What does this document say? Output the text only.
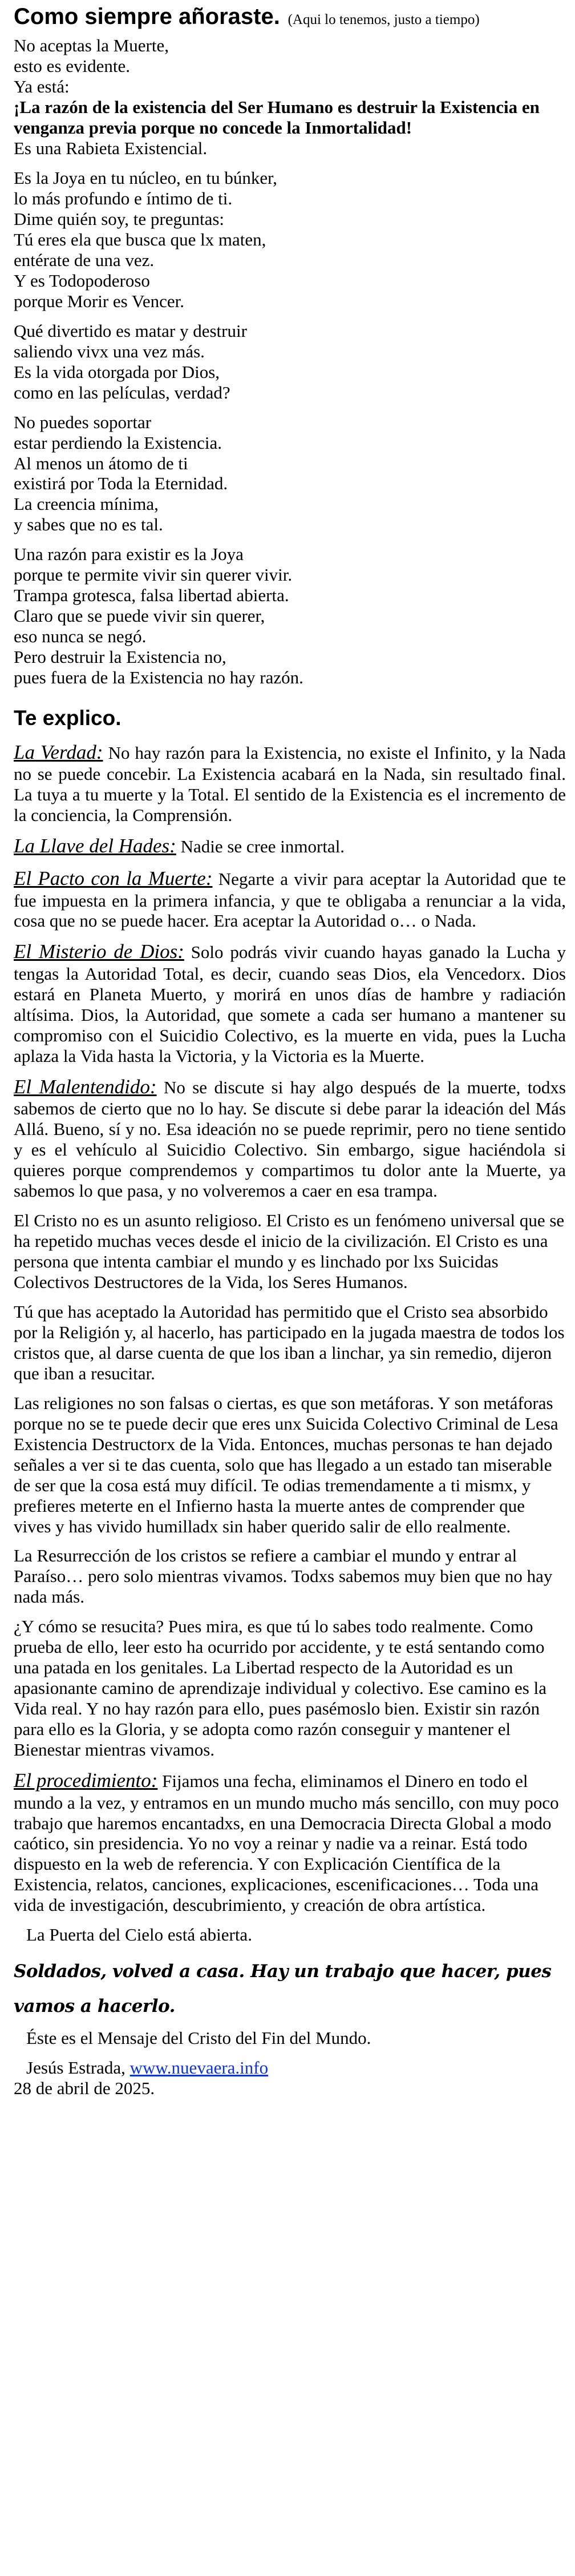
Como siempre añoraste. (Aqui lo tenemos, justo a tiempo)

No aceptas la Muerte,

esto es evidente.

Ya está:

¡La razón de la existencia del Ser Humano es destruir la Existencia en venganza previa porque no concede la Inmortalidad!

Es una Rabieta Existencial.

Es la Joya en tu núcleo, en tu búnker,

lo más profundo e íntimo de ti.

Dime quién soy, te preguntas:

Tú eres ela que busca que lx maten,

entérate de una vez.

Y es Todopoderoso

porque Morir es Vencer.

Qué divertido es matar y destruir

saliendo vivx una vez más.

Es la vida otorgada por Dios,

como en las películas, verdad?

No puedes soportar

estar perdiendo la Existencia.

Al menos un átomo de ti

existirá por Toda la Eternidad.

La creencia mínima,

y sabes que no es tal.

Una razón para existir es la Joya

porque te permite vivir sin querer vivir.

Trampa grotesca, falsa libertad abierta.

Claro que se puede vivir sin querer,

eso nunca se negó.

Pero destruir la Existencia no,

pues fuera de la Existencia no hay razón.

Te explico.

La Verdad: No hay razón para la Existencia, no existe el Infinito, y la Nada no se puede concebir. La Existencia acabará en la Nada, sin resultado final. La tuya a tu muerte y la Total. El sentido de la Existencia es el incremento de la conciencia, la Comprensión.

La Llave del Hades: Nadie se cree inmortal.

El Pacto con la Muerte: Negarte a vivir para aceptar la Autoridad que te fue impuesta en la primera infancia, y que te obligaba a renunciar a la vida, cosa que no se puede hacer. Era aceptar la Autoridad o… o Nada.

El Misterio de Dios: Solo podrás vivir cuando hayas ganado la Lucha y tengas la Autoridad Total, es decir, cuando seas Dios, ela Vencedorx. Dios estará en Planeta Muerto, y morirá en unos días de hambre y radiación altísima. Dios, la Autoridad, que somete a cada ser humano a mantener su compromiso con el Suicidio Colectivo, es la muerte en vida, pues la Lucha aplaza la Vida hasta la Victoria, y la Victoria es la Muerte.

El Malentendido: No se discute si hay algo después de la muerte, todxs sabemos de cierto que no lo hay. Se discute si debe parar la ideación del Más Allá. Bueno, sí y no. Esa ideación no se puede reprimir, pero no tiene sentido y es el vehículo al Suicidio Colectivo. Sin embargo, sigue haciéndola si quieres porque comprendemos y compartimos tu dolor ante la Muerte, ya sabemos lo que pasa, y no volveremos a caer en esa trampa.

El Cristo no es un asunto religioso. El Cristo es un fenómeno universal que se ha repetido muchas veces desde el inicio de la civilización. El Cristo es una persona que intenta cambiar el mundo y es linchado por lxs Suicidas Colectivos Destructores de la Vida, los Seres Humanos.

Tú que has aceptado la Autoridad has permitido que el Cristo sea absorbido por la Religión y, al hacerlo, has participado en la jugada maestra de todos los cristos que, al darse cuenta de que los iban a linchar, ya sin remedio, dijeron que iban a resucitar.

Las religiones no son falsas o ciertas, es que son metáforas. Y son metáforas porque no se te puede decir que eres unx Suicida Colectivo Criminal de Lesa Existencia Destructorx de la Vida. Entonces, muchas personas te han dejado señales a ver si te das cuenta, solo que has llegado a un estado tan miserable de ser que la cosa está muy difícil. Te odias tremendamente a ti mismx, y prefieres meterte en el Infierno hasta la muerte antes de comprender que vives y has vivido humilladx sin haber querido salir de ello realmente.

La Resurrección de los cristos se refiere a cambiar el mundo y entrar al Paraíso… pero solo mientras vivamos. Todxs sabemos muy bien que no hay nada más.

¿Y cómo se resucita? Pues mira, es que tú lo sabes todo realmente. Como prueba de ello, leer esto ha ocurrido por accidente, y te está sentando como una patada en los genitales. La Libertad respecto de la Autoridad es un apasionante camino de aprendizaje individual y colectivo. Ese camino es la Vida real. Y no hay razón para ello, pues pasémoslo bien. Existir sin razón para ello es la Gloria, y se adopta como razón conseguir y mantener el Bienestar mientras vivamos.

El procedimiento: Fijamos una fecha, eliminamos el Dinero en todo el mundo a la vez, y entramos en un mundo mucho más sencillo, con muy poco trabajo que haremos encantadxs, en una Democracia Directa Global a modo caótico, sin presidencia. Yo no voy a reinar y nadie va a reinar. Está todo dispuesto en la web de referencia. Y con Explicación Científica de la Existencia, relatos, canciones, explicaciones, escenificaciones… Toda una vida de investigación, descubrimiento, y creación de obra artística.

La Puerta del Cielo está abierta.

Soldados, volved a casa. Hay un trabajo que hacer, pues vamos a hacerlo.

Éste es el Mensaje del Cristo del Fin del Mundo.

Jesús Estrada, www.nuevaera.info

28 de abril de 2025.
